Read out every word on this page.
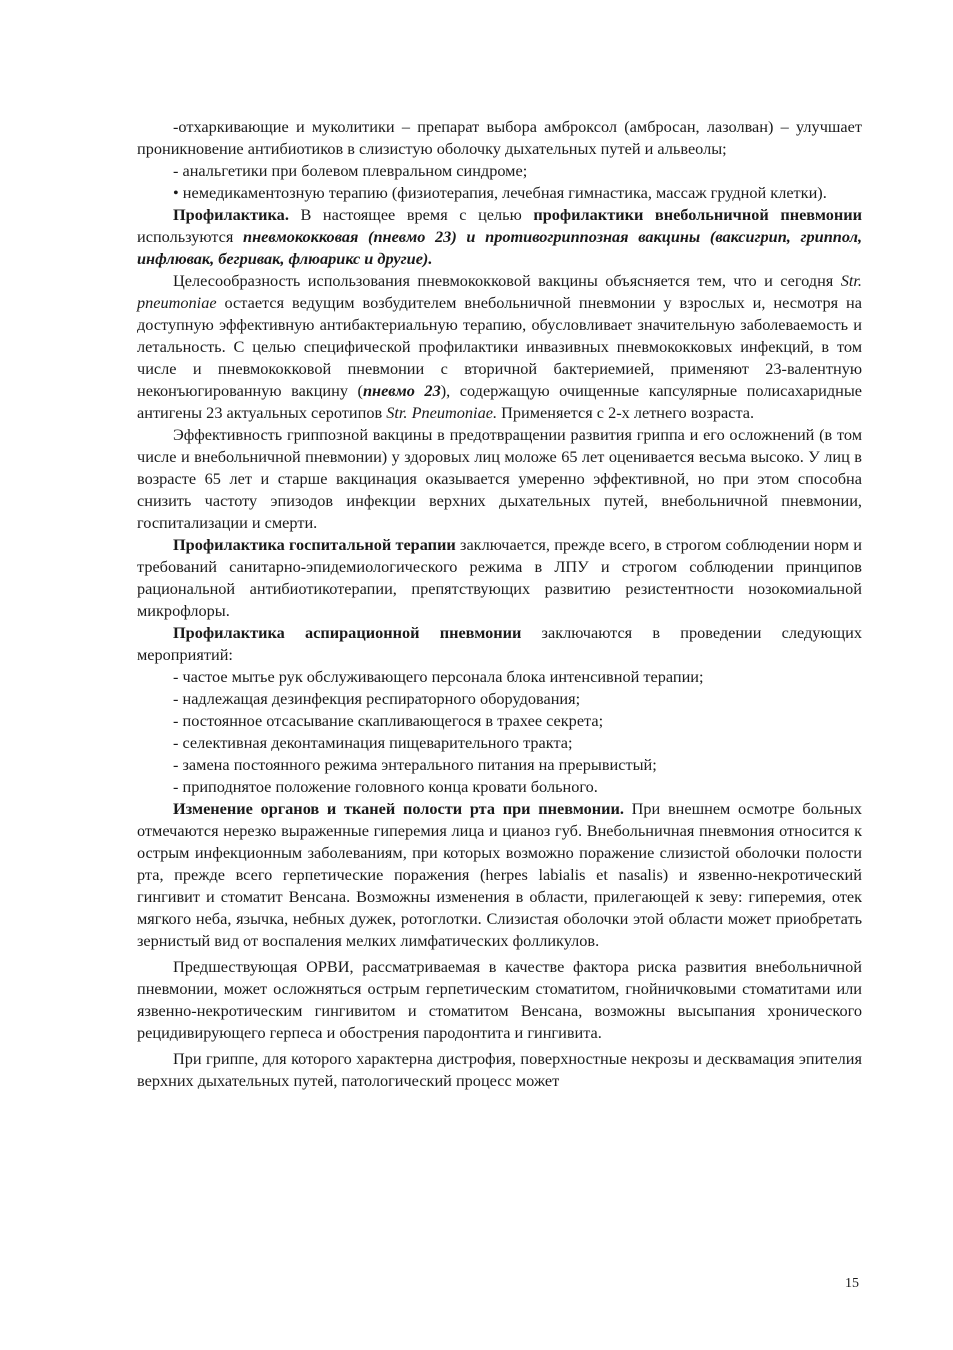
-отхаркивающие и муколитики – препарат выбора амброксол (амбросан, лазолван) – улучшает проникновение антибиотиков в слизистую оболочку дыхательных путей и альвеолы;

- анальгетики при болевом плевральном синдроме;

• немедикаментозную терапию (физиотерапия, лечебная гимнастика, массаж грудной клетки).

Профилактика. В настоящее время с целью профилактики внебольничной пневмонии используются пневмококковая (пневмо 23) и противогриппозная вакцины (ваксигрип, гриппол, инфлювак, бегривак, флюарикс и другие).

Целесообразность использования пневмококковой вакцины объясняется тем, что и сегодня Str. pneumoniae остается ведущим возбудителем внебольничной пневмонии у взрослых и, несмотря на доступную эффективную антибактериальную терапию, обусловливает значительную заболеваемость и летальность. С целью специфической профилактики инвазивных пневмококковых инфекций, в том числе и пневмококковой пневмонии с вторичной бактериемией, применяют 23-валентную неконъюгированную вакцину (пневмо 23), содержащую очищенные капсулярные полисахаридные антигены 23 актуальных серотипов Str. Pneumoniae. Применяется с 2-х летнего возраста.

Эффективность гриппозной вакцины в предотвращении развития гриппа и его осложнений (в том числе и внебольничной пневмонии) у здоровых лиц моложе 65 лет оценивается весьма высоко. У лиц в возрасте 65 лет и старше вакцинация оказывается умеренно эффективной, но при этом способна снизить частоту эпизодов инфекции верхних дыхательных путей, внебольничной пневмонии, госпитализации и смерти.

Профилактика госпитальной терапии заключается, прежде всего, в строгом соблюдении норм и требований санитарно-эпидемиологического режима в ЛПУ и строгом соблюдении принципов рациональной антибиотикотерапии, препятствующих развитию резистентности нозокомиальной микрофлоры.

Профилактика аспирационной пневмонии заключаются в проведении следующих мероприятий:

- частое мытье рук обслуживающего персонала блока интенсивной терапии;

- надлежащая дезинфекция респираторного оборудования;

- постоянное отсасывание скапливающегося в трахее секрета;

- селективная деконтаминация пищеварительного тракта;

- замена постоянного режима энтерального питания на прерывистый;

- приподнятое положение головного конца кровати больного.

Изменение органов и тканей полости рта при пневмонии. При внешнем осмотре больных отмечаются нерезко выраженные гиперемия лица и цианоз губ. Внебольничная пневмония относится к острым инфекционным заболеваниям, при которых возможно поражение слизистой оболочки полости рта, прежде всего герпетические поражения (herpes labialis et nasalis) и язвенно-некротический гингивит и стоматит Венсана. Возможны изменения в области, прилегающей к зеву: гиперемия, отек мягкого неба, язычка, небных дужек, ротоглотки. Слизистая оболочки этой области может приобретать зернистый вид от воспаления мелких лимфатических фолликулов.

Предшествующая ОРВИ, рассматриваемая в качестве фактора риска развития внебольничной пневмонии, может осложняться острым герпетическим стоматитом, гнойничковыми стоматитами или язвенно-некротическим гингивитом и стоматитом Венсана, возможны высыпания хронического рецидивирующего герпеса и обострения пародонтита и гингивита.

При гриппе, для которого характерна дистрофия, поверхностные некрозы и десквамация эпителия верхних дыхательных путей, патологический процесс может

15
